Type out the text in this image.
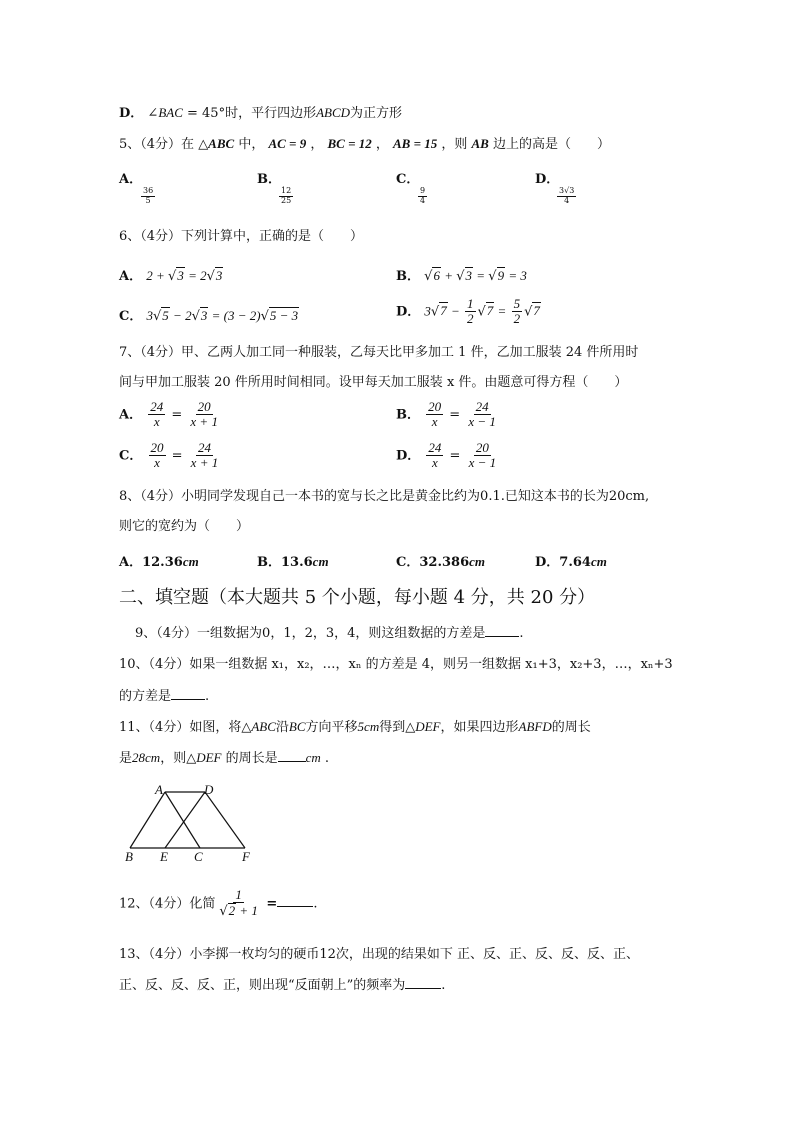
D． ∠BAC = 45°时，平行四边形ABCD为正方形
5、（4分）在 △ABC 中， AC = 9 ， BC = 12 ， AB = 15 ，则 AB 边上的高是（　　）
A．

$\frac{36}{5}$
B．

$\frac{12}{25}$
C．

$\frac{9}{4}$
D．

$\frac{3√3}{4}$
6、（4分）下列计算中，正确的是（　　）
A． 2 + √3 = 2√3	B． √6 + √3 = √9 = 3
C． 3√5 − 2√3 = (3 − 2)√5 − 3	D． $3√7 - \frac{1}{2} √7 = \frac{5}{2} √7$
7、（4分）甲、乙两人加工同一种服装，乙每天比甲多加工 1 件，乙加工服装 24 件所用时
间与甲加工服装 20 件所用时间相同。设甲每天加工服装 x 件。由题意可得方程（　　）
A． $\frac{24}{x} = \frac{20}{x + 1}$	B． $\frac{20}{x} = \frac{24}{x - 1}$
C． $\frac{20}{x} = \frac{24}{x + 1}$	D． $\frac{24}{x} = \frac{20}{x - 1}$
8、（4分）小明同学发现自己一本书的宽与长之比是黄金比约为0.1.已知这本书的长为20cm,
则它的宽约为（　　）
A．12.36cm	B．13.6cm	C．32.386cm	D．7.64cm
二、填空题（本大题共 5 个小题，每小题 4 分，共 20 分）
9、（4分）一组数据为0，1，2，3，4，则这组数据的方差是	.
10、（4分）如果一组数据 x₁，x₂，…，xₙ 的方差是 4，则另一组数据 x₁+3，x₂+3，…，xₙ+3
的方差是	.
11、（4分）如图，将△ABC沿BC方向平移5cm得到△DEF，如果四边形ABFD的周长
是28cm，则△DEF 的周长是 cm .
A	D
B E C	F
12、（4分）化简 $\frac{1}{√2 + 1}$ =	.
13、（4分）小李掷一枚均匀的硬币12次，出现的结果如下 正、反、正、反、反、反、正、
正、反、反、反、正，则出现“反面朝上”的频率为	.
